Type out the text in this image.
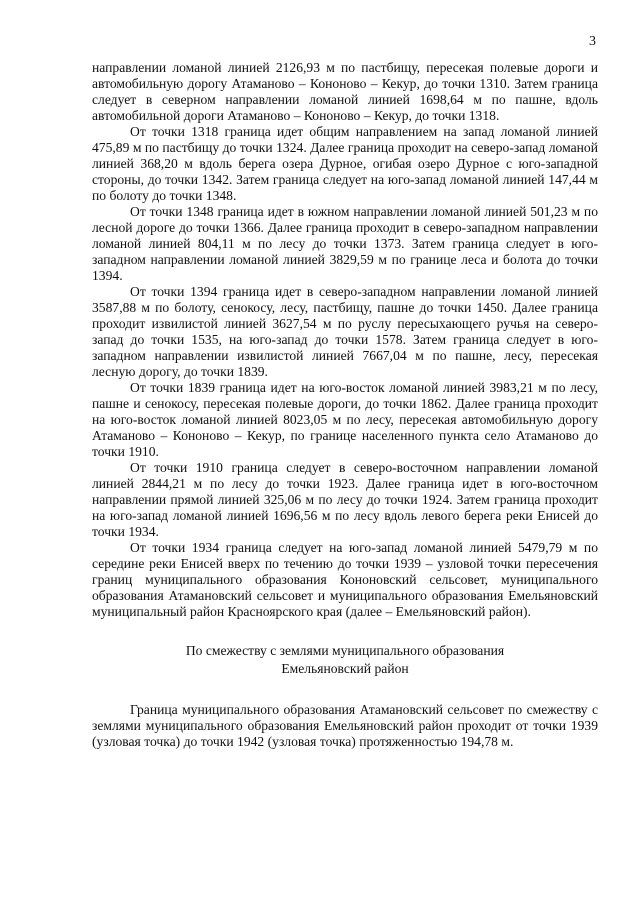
3

направлении ломаной линией 2126,93 м по пастбищу, пересекая полевые дороги и автомобильную дорогу Атаманово – Кононово – Кекур, до точки 1310. Затем граница следует в северном направлении ломаной линией 1698,64 м по пашне, вдоль автомобильной дороги Атаманово – Кононово – Кекур, до точки 1318.

От точки 1318 граница идет общим направлением на запад ломаной линией 475,89 м по пастбищу до точки 1324. Далее граница проходит на северо-запад ломаной линией 368,20 м вдоль берега озера Дурное, огибая озеро Дурное с юго-западной стороны, до точки 1342. Затем граница следует на юго-запад ломаной линией 147,44 м по болоту до точки 1348.

От точки 1348 граница идет в южном направлении ломаной линией 501,23 м по лесной дороге до точки 1366. Далее граница проходит в северо-западном направлении ломаной линией 804,11 м по лесу до точки 1373. Затем граница следует в юго-западном направлении ломаной линией 3829,59 м по границе леса и болота до точки 1394.

От точки 1394 граница идет в северо-западном направлении ломаной линией 3587,88 м по болоту, сенокосу, лесу, пастбищу, пашне до точки 1450. Далее граница проходит извилистой линией 3627,54 м по руслу пересыхающего ручья на северо-запад до точки 1535, на юго-запад до точки 1578. Затем граница следует в юго-западном направлении извилистой линией 7667,04 м по пашне, лесу, пересекая лесную дорогу, до точки 1839.

От точки 1839 граница идет на юго-восток ломаной линией 3983,21 м по лесу, пашне и сенокосу, пересекая полевые дороги, до точки 1862. Далее граница проходит на юго-восток ломаной линией 8023,05 м по лесу, пересекая автомобильную дорогу Атаманово – Кононово – Кекур, по границе населенного пункта село Атаманово до точки 1910.

От точки 1910 граница следует в северо-восточном направлении ломаной линией 2844,21 м по лесу до точки 1923. Далее граница идет в юго-восточном направлении прямой линией 325,06 м по лесу до точки 1924. Затем граница проходит на юго-запад ломаной линией 1696,56 м по лесу вдоль левого берега реки Енисей до точки 1934.

От точки 1934 граница следует на юго-запад ломаной линией 5479,79 м по середине реки Енисей вверх по течению до точки 1939 – узловой точки пересечения границ муниципального образования Кононовский сельсовет, муниципального образования Атамановский сельсовет и муниципального образования Емельяновский муниципальный район Красноярского края (далее – Емельяновский район).

По смежеству с землями муниципального образования
Емельяновский район

Граница муниципального образования Атамановский сельсовет по смежеству с землями муниципального образования Емельяновский район проходит от точки 1939 (узловая точка) до точки 1942 (узловая точка) протяженностью 194,78 м.
